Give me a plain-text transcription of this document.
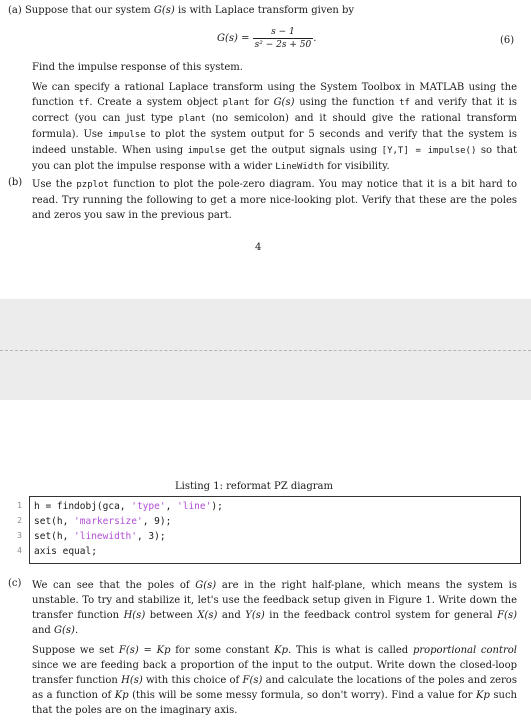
(a) Suppose that our system G(s) is with Laplace transform given by
$G(s) = \frac{s - 1}{\text{s² − 2s + 50}}$ .	(6)

Find the impulse response of this system.

We can specify a rational Laplace transform using the System Toolbox in MATLAB using the function tf. Create a system object plant for G(s) using the function tf and verify that it is correct (you can just type plant (no semicolon) and it should give the rational transform formula). Use impulse to plot the system output for 5 seconds and verify that the system is indeed unstable. When using impulse get the output signals using [Y,T] = impulse() so that you can plot the impulse response with a wider LineWidth for visibility.

(b) Use the pzplot function to plot the pole-zero diagram. You may notice that it is a bit hard to read. Try running the following to get a more nice-looking plot. Verify that these are the poles and zeros you saw in the previous part.

4
Listing 1: reformat PZ diagram
1
2
3
4
h = findobj(gca, 'type', 'line');
set(h, 'markersize', 9);
set(h, 'linewidth', 3);
axis equal;
(c) We can see that the poles of G(s) are in the right half-plane, which means the system is unstable. To try and stabilize it, let's use the feedback setup given in Figure 1. Write down the transfer function H(s) between X(s) and Y(s) in the feedback control system for general F(s) and G(s).

Suppose we set F(s) = Kp for some constant Kp. This is what is called proportional control since we are feeding back a proportion of the input to the output. Write down the closed-loop transfer function H(s) with this choice of F(s) and calculate the locations of the poles and zeros as a function of Kp (this will be some messy formula, so don't worry). Find a value for Kp such that the poles are on the imaginary axis.
